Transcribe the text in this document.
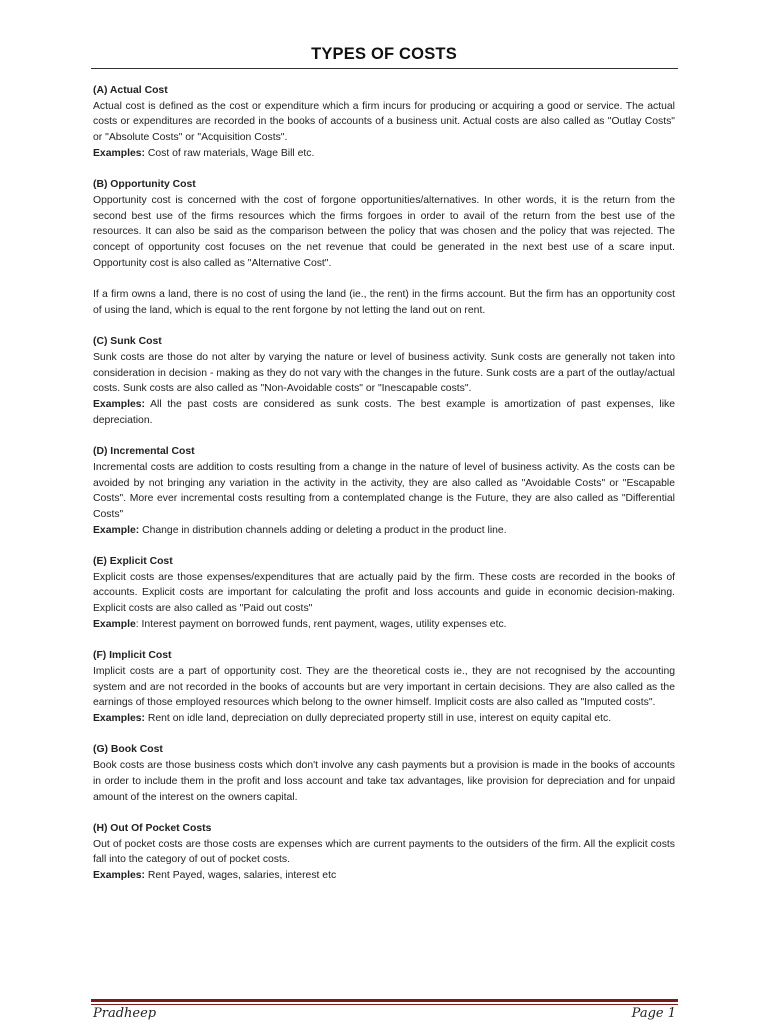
TYPES OF COSTS
(A) Actual Cost

Actual cost is defined as the cost or expenditure which a firm incurs for producing or acquiring a good or service. The actual costs or expenditures are recorded in the books of accounts of a business unit. Actual costs are also called as "Outlay Costs" or "Absolute Costs" or "Acquisition Costs".

Examples: Cost of raw materials, Wage Bill etc.

(B) Opportunity Cost

Opportunity cost is concerned with the cost of forgone opportunities/alternatives. In other words, it is the return from the second best use of the firms resources which the firms forgoes in order to avail of the return from the best use of the resources. It can also be said as the comparison between the policy that was chosen and the policy that was rejected. The concept of opportunity cost focuses on the net revenue that could be generated in the next best use of a scare input. Opportunity cost is also called as "Alternative Cost".

If a firm owns a land, there is no cost of using the land (ie., the rent) in the firms account. But the firm has an opportunity cost of using the land, which is equal to the rent forgone by not letting the land out on rent.

(C) Sunk Cost

Sunk costs are those do not alter by varying the nature or level of business activity. Sunk costs are generally not taken into consideration in decision - making as they do not vary with the changes in the future. Sunk costs are a part of the outlay/actual costs. Sunk costs are also called as "Non-Avoidable costs" or "Inescapable costs".

Examples: All the past costs are considered as sunk costs. The best example is amortization of past expenses, like depreciation.

(D) Incremental Cost

Incremental costs are addition to costs resulting from a change in the nature of level of business activity. As the costs can be avoided by not bringing any variation in the activity in the activity, they are also called as "Avoidable Costs" or "Escapable Costs". More ever incremental costs resulting from a contemplated change is the Future, they are also called as "Differential Costs"

Example: Change in distribution channels adding or deleting a product in the product line.

(E) Explicit Cost

Explicit costs are those expenses/expenditures that are actually paid by the firm. These costs are recorded in the books of accounts. Explicit costs are important for calculating the profit and loss accounts and guide in economic decision-making. Explicit costs are also called as "Paid out costs"

Example: Interest payment on borrowed funds, rent payment, wages, utility expenses etc.

(F) Implicit Cost

Implicit costs are a part of opportunity cost. They are the theoretical costs ie., they are not recognised by the accounting system and are not recorded in the books of accounts but are very important in certain decisions. They are also called as the earnings of those employed resources which belong to the owner himself. Implicit costs are also called as "Imputed costs".

Examples: Rent on idle land, depreciation on dully depreciated property still in use, interest on equity capital etc.

(G) Book Cost

Book costs are those business costs which don't involve any cash payments but a provision is made in the books of accounts in order to include them in the profit and loss account and take tax advantages, like provision for depreciation and for unpaid amount of the interest on the owners capital.

(H) Out Of Pocket Costs

Out of pocket costs are those costs are expenses which are current payments to the outsiders of the firm. All the explicit costs fall into the category of out of pocket costs.

Examples: Rent Payed, wages, salaries, interest etc

Pradheep	Page 1
